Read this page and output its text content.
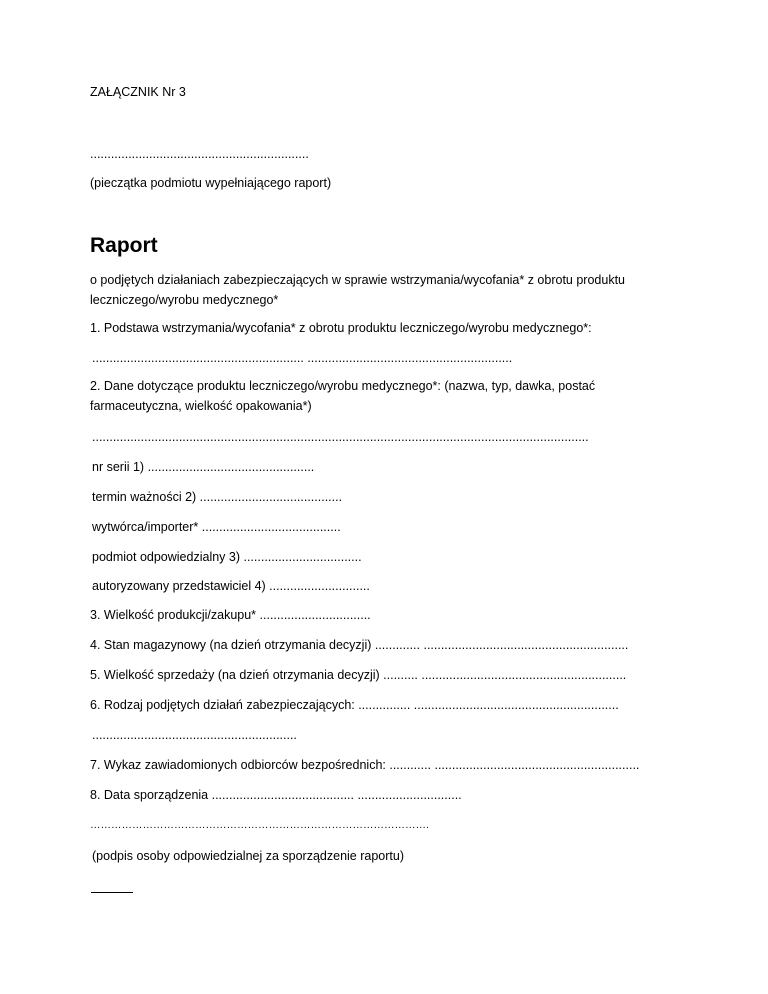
ZAŁĄCZNIK Nr 3

...............................................................

(pieczątka podmiotu wypełniającego raport)

Raport

o podjętych działaniach zabezpieczających w sprawie wstrzymania/wycofania* z obrotu produktu leczniczego/wyrobu medycznego*

1. Podstawa wstrzymania/wycofania* z obrotu produktu leczniczego/wyrobu medycznego*:

............................................................. ...........................................................

2. Dane dotyczące produktu leczniczego/wyrobu medycznego*: (nazwa, typ, dawka, postać farmaceutyczna, wielkość opakowania*)

...............................................................................................................................................

nr serii 1) ................................................

termin ważności 2) .........................................

wytwórca/importer* ........................................

podmiot odpowiedzialny 3) ..................................

autoryzowany przedstawiciel 4) .............................

3. Wielkość produkcji/zakupu* ................................

4. Stan magazynowy (na dzień otrzymania decyzji) ............. ...........................................................

5. Wielkość sprzedaży (na dzień otrzymania decyzji) .......... ...........................................................

6. Rodzaj podjętych działań zabezpieczających: ............... ...........................................................

...........................................................

7. Wykaz zawiadomionych odbiorców bezpośrednich: ............ ...........................................................

8. Data sporządzenia ......................................... ..............................

…………………………………………………………………………………….

(podpis osoby odpowiedzialnej za sporządzenie raportu)
